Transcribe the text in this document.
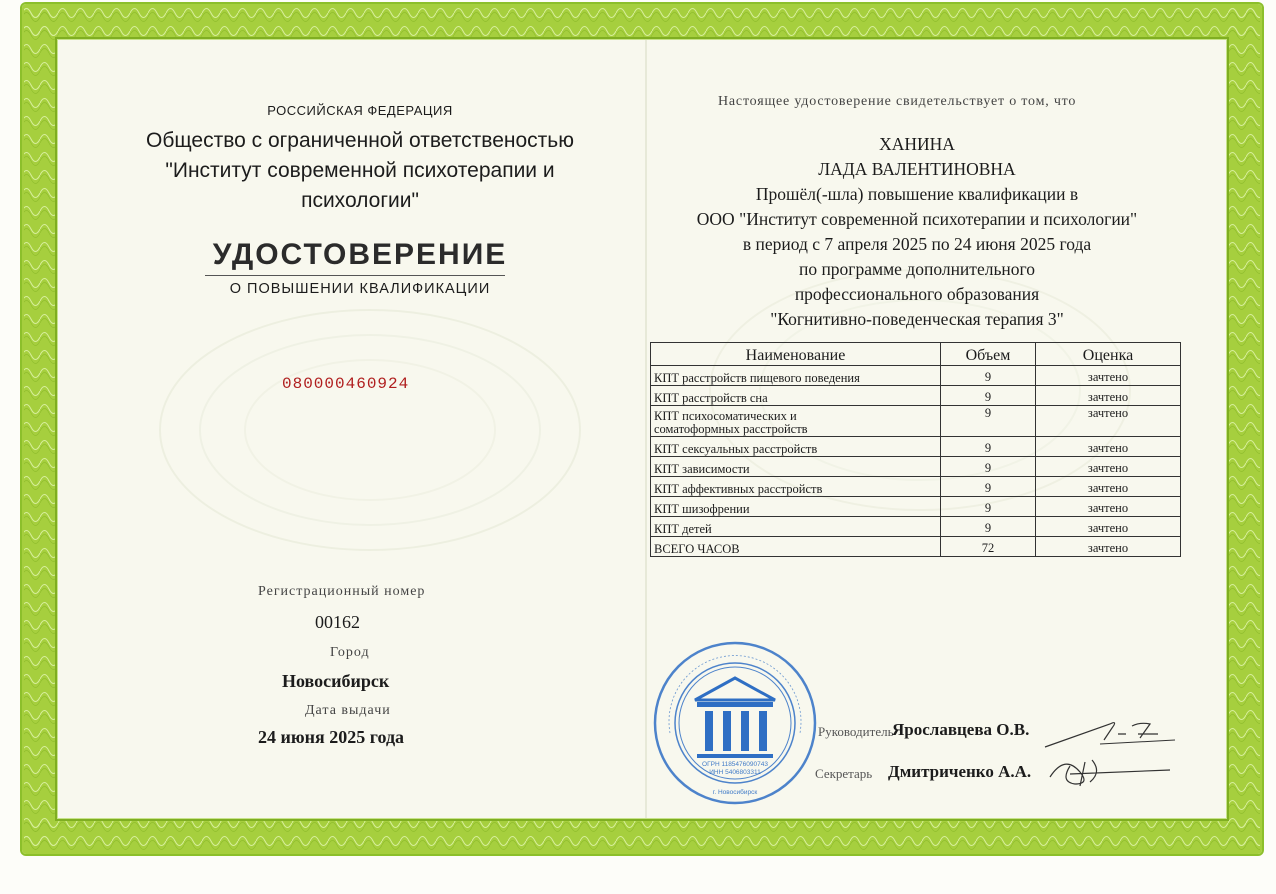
РОССИЙСКАЯ ФЕДЕРАЦИЯ
Общество с ограниченной ответственостью
"Институт современной психотерапии и
психологии"
УДОСТОВЕРЕНИЕ
О ПОВЫШЕНИИ КВАЛИФИКАЦИИ
080000460924
Регистрационный номер
00162
Город
Новосибирск
Дата выдачи
24 июня 2025 года
Настоящее удостоверение свидетельствует о том, что
ХАНИНА
ЛАДА ВАЛЕНТИНОВНА
Прошёл(-шла) повышение квалификации в
ООО "Институт современной психотерапии и психологии"
в период с 7 апреля 2025 по 24 июня 2025 года
по программе дополнительного
профессионального образования
"Когнитивно-поведенческая терапия 3"
Наименование	Объем	Оценка
КПТ расстройств пищевого поведения	9	зачтено
КПТ расстройств сна	9	зачтено

КПТ психосоматических и
соматоформных расстройств	9	зачтено
КПТ сексуальных расстройств	9	зачтено
КПТ зависимости	9	зачтено
КПТ аффективных расстройств	9	зачтено
КПТ шизофрении	9	зачтено
КПТ детей	9	зачтено
ВСЕГО ЧАСОВ	72	зачтено
ОГРН 1185476090743
ИНН 5406803311
г. Новосибирск
Руководитель
Ярославцева О.В.
Секретарь Дмитриченко А.А.
